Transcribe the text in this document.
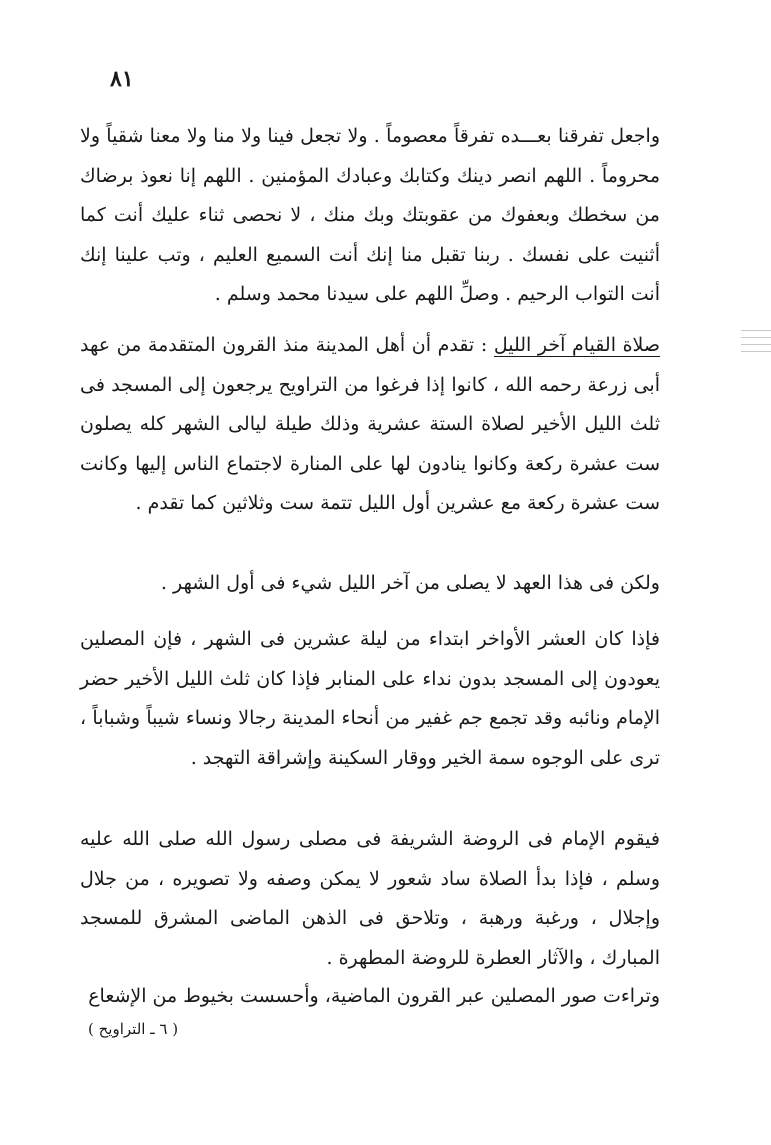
٨١

واجعل تفرقنا بعـــده تفرقاً معصوماً . ولا تجعل فينا ولا منا ولا معنا شقياً ولا محروماً . اللهم انصر دينك وكتابك وعبادك المؤمنين . اللهم إنا نعوذ برضاك من سخطك وبعفوك من عقوبتك وبك منك ، لا نحصى ثناء عليك أنت كما أثنيت على نفسك . ربنا تقبل منا إنك أنت السميع العليم ، وتب علينا إنك أنت التواب الرحيم . وصلِّ اللهم على سيدنا محمد وسلم .

صلاة القيام آخر الليل : تقدم أن أهل المدينة منذ القرون المتقدمة من عهد أبى زرعة رحمه الله ، كانوا إذا فرغوا من التراويح يرجعون إلى المسجد فى ثلث الليل الأخير لصلاة الستة عشرية وذلك طيلة ليالى الشهر كله يصلون ست عشرة ركعة وكانوا ينادون لها على المنارة لاجتماع الناس إليها وكانت ست عشرة ركعة مع عشرين أول الليل تتمة ست وثلاثين كما تقدم .

ولكن فى هذا العهد لا يصلى من آخر الليل شيء فى أول الشهر .

فإذا كان العشر الأواخر ابتداء من ليلة عشرين فى الشهر ، فإن المصلين يعودون إلى المسجد بدون نداء على المنابر فإذا كان ثلث الليل الأخير حضر الإمام ونائبه وقد تجمع جم غفير من أنحاء المدينة رجالا ونساء شيباً وشباباً ، ترى على الوجوه سمة الخير ووقار السكينة وإشراقة التهجد .

فيقوم الإمام فى الروضة الشريفة فى مصلى رسول الله صلى الله عليه وسلم ، فإذا بدأ الصلاة ساد شعور لا يمكن وصفه ولا تصويره ، من جلال وإجلال ، ورغبة ورهبة ، وتلاحق فى الذهن الماضى المشرق للمسجد المبارك ، والآثار العطرة للروضة المطهرة .

وتراءت صور المصلين عبر القرون الماضية، وأحسست بخيوط من الإشعاع

( ٦ ـ التراويح )
